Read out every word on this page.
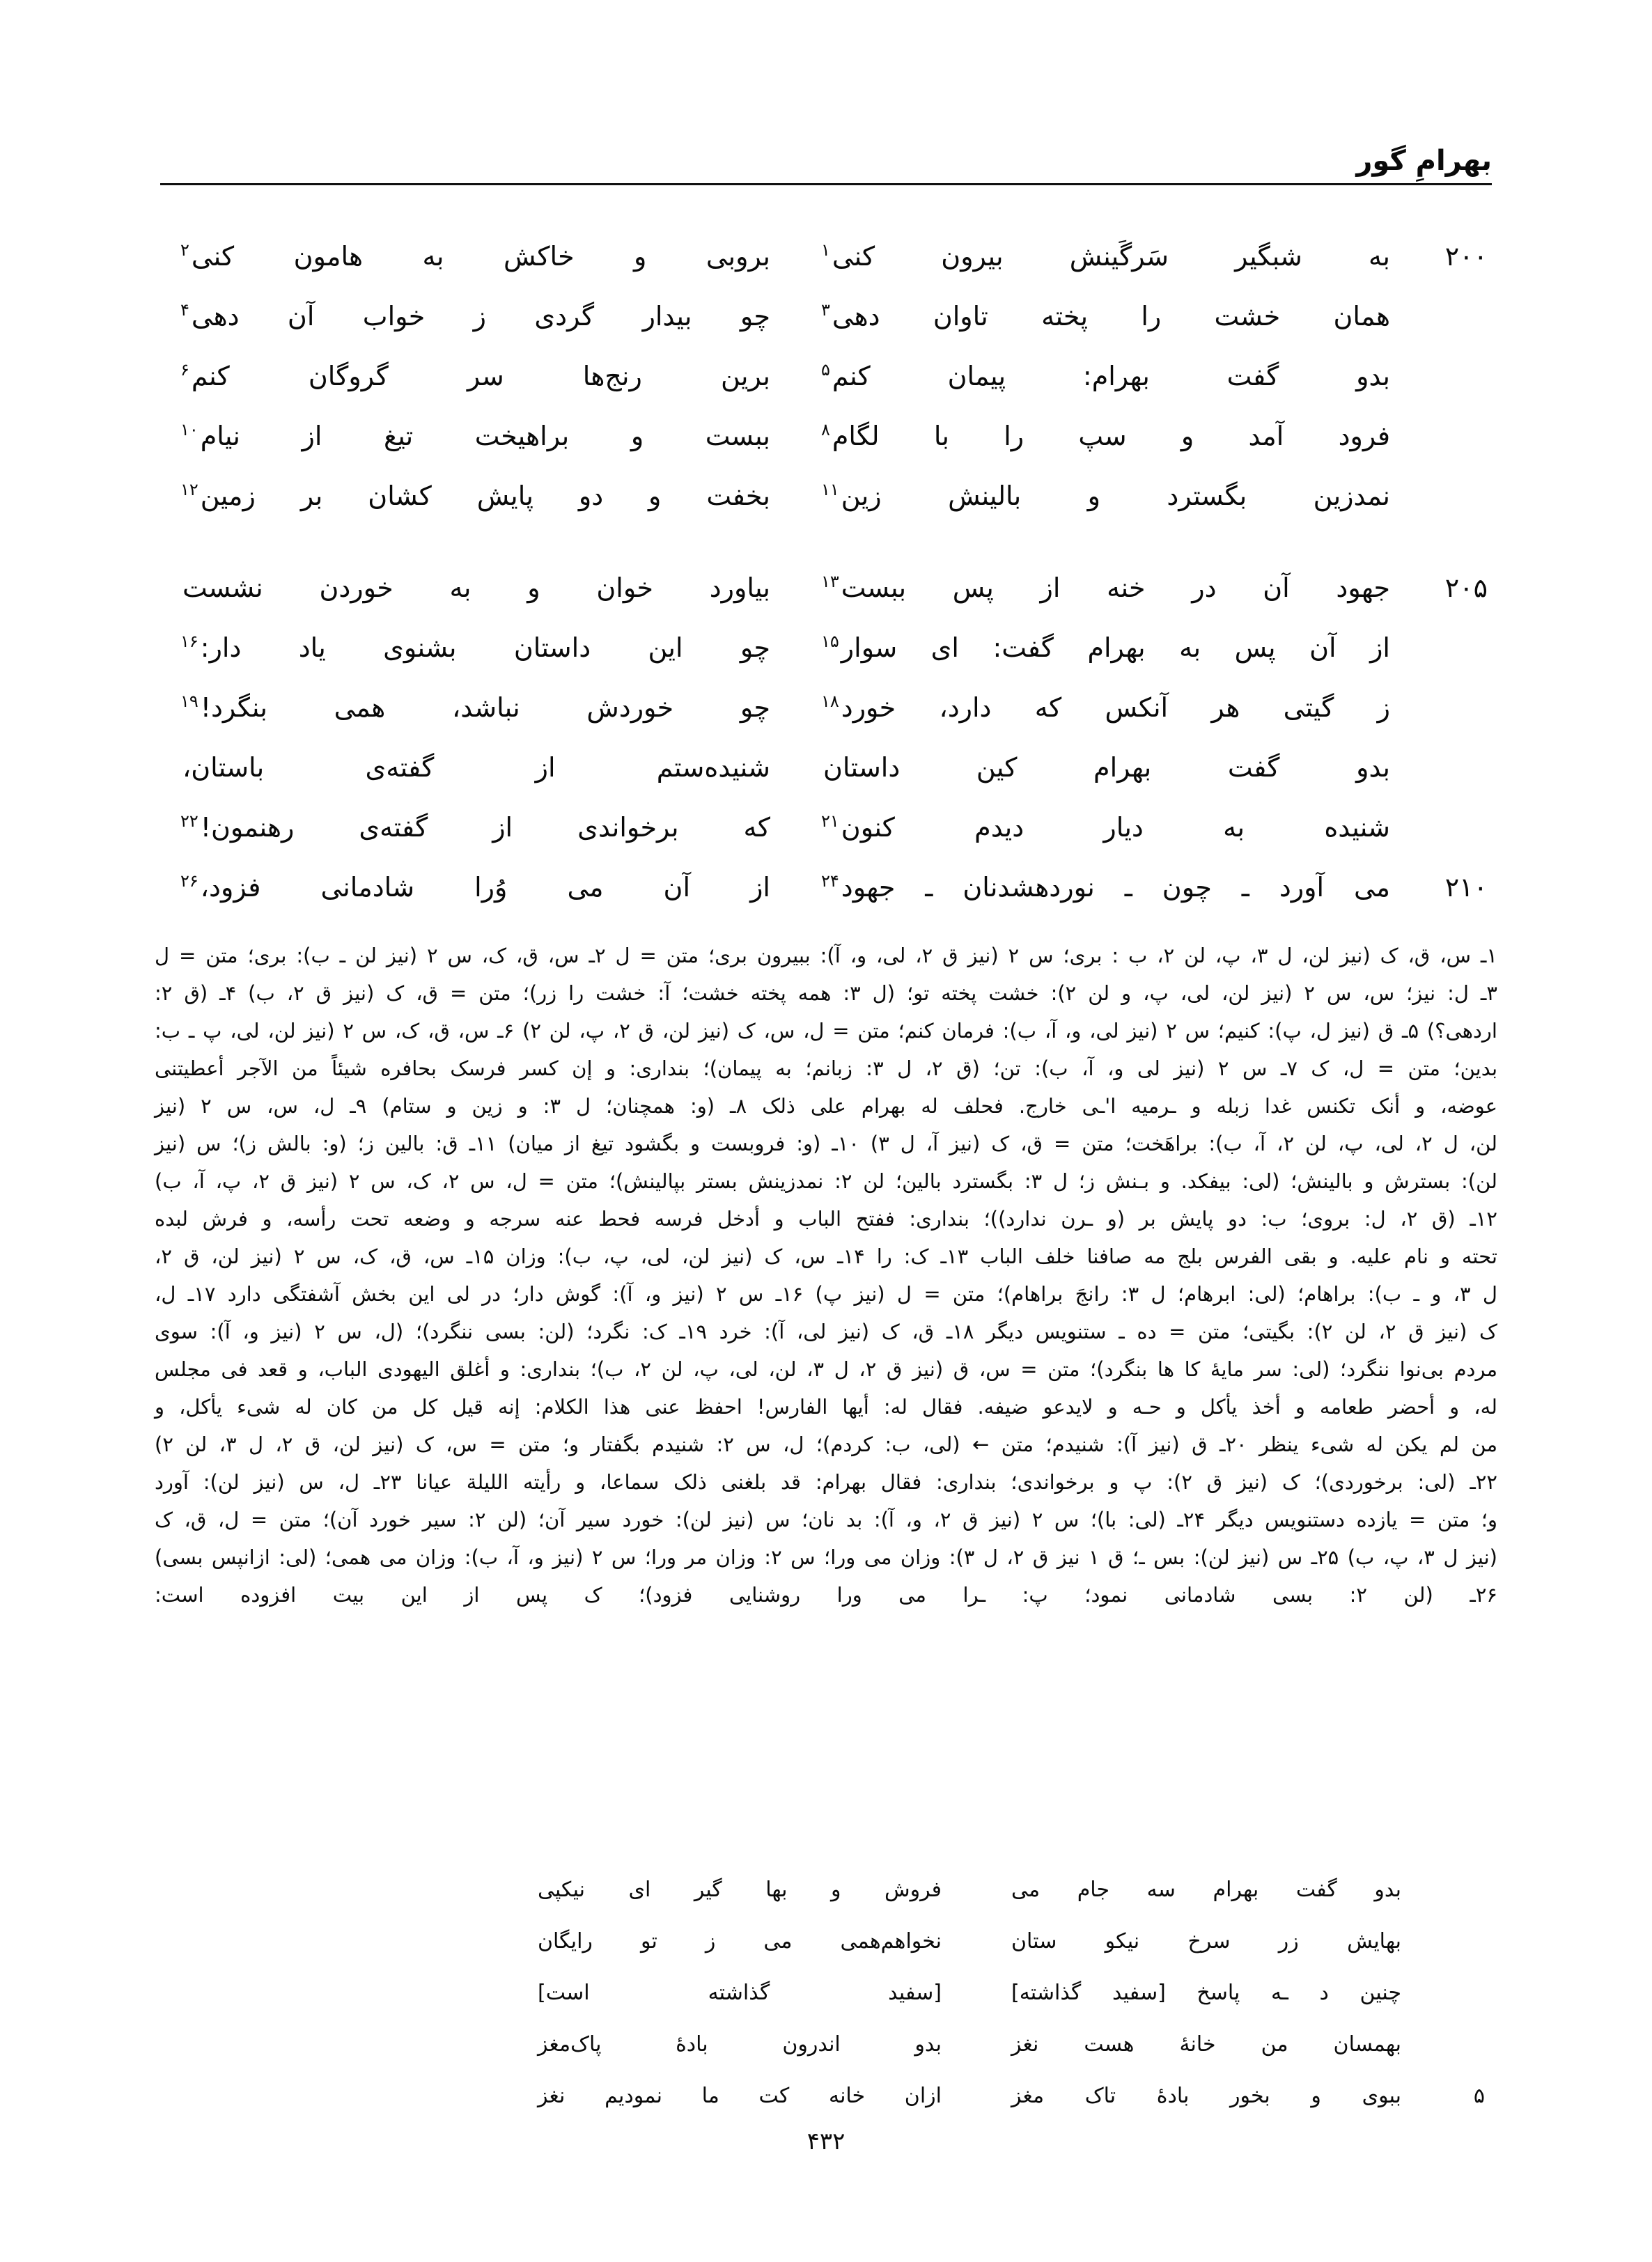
بهرامِ گور
۲۰۰
به شبگیر سَرگَینش بیرون کنی$^۱$
بروبی و خاکش به هامون کنی$^۲$
همان خشت را پخته تاوان دهی$^۳$
چو بیدار گردی ز خواب آن دهی$^۴$
بدو گفت بهرام: پیمان کنم$^۵$
برین رنج‌ها سر گروگان کنم$^۶$
فرود آمد و سپ را با لگام$^۸$
ببست و براهیخت تیغ از نیام$^{۱۰}$
نمدزین بگسترد و بالینش زین$^{۱۱}$
بخفت و دو پایش کشان بر زمین$^{۱۲}$
۲۰۵
جهود آن در خنه از پس ببست$^{۱۳}$
بیاورد خوان و به خوردن نشست
از آن پس به بهرام گفت: ای سوار$^{۱۵}$
چو این داستان بشنوی یاد دار:$^{۱۶}$
ز گیتی هر آنکس که دارد، خورد$^{۱۸}$
چو خوردش نباشد، همی بنگرد!$^{۱۹}$
بدو گفت بهرام کین داستان
شنیده‌ستم از گفته‌ی باستان،
شنیده به دیار دیدم کنون$^{۲۱}$
که برخواندی از گفته‌ی رهنمون!$^{۲۲}$
۲۱۰
می آورد ـ چون ـ نوردهشدنان ـ جهود$^{۲۴}$
از آن می وُرا شادمانی فزود،$^{۲۶}$

۱ـ س، ق، ک (نیز لن، ل ۳، پ، لن ۲، ب : بری؛ س ۲ (نیز ق ۲، لی، و، آ): ببیرون بری؛ متن = ل ۲ـ س، ق، ک، س ۲ (نیز لن ـ ب): بری؛ متن = ل

۳ـ ل: نیز؛ س، س ۲ (نیز لن، لی، پ، و لن ۲): خشت پخته تو؛ (ل ۳: همه پخته خشت؛ آ: خشت را زر)؛ متن = ق، ک (نیز ق ۲، ب) ۴ـ (ق ۲:

اردهی؟) ۵ـ ق (نیز ل، پ): کنیم؛ س ۲ (نیز لی، و، آ، ب): فرمان کنم؛ متن = ل، س، ک (نیز لن، ق ۲، پ، لن ۲) ۶ـ س، ق، ک، س ۲ (نیز لن، لی، پ ـ ب:

بدین؛ متن = ل، ک ۷ـ س ۲ (نیز لی و، آ، ب): تن؛ (ق ۲، ل ۳: زبانم؛ به پیمان)؛ بنداری: و إن کسر فرسک بحافره شیئاً من الآجر أعطیتنی

عوضه، و أنک تکنس غدا زبله و ـرمیه ا'ـی خارج. فحلف له بهرام علی ذلک ۸ـ (و: همچنان؛ ل ۳: و زین و ستام) ۹ـ ل، س، س ۲ (نیز

لن، ل ۲، لی، پ، لن ۲، آ، ب): براهَخت؛ متن = ق، ک (نیز آ، ل ۳) ۱۰ـ (و: فروبست و بگشود تیغ از میان) ۱۱ـ ق: بالین ز؛ (و: بالش ز)؛ س (نیز

لن): بسترش و بالینش؛ (لی: بیفکد. و بـنش ز؛ ل ۳: بگسترد بالین؛ لن ۲: نمدزینش بستر بپالینش)؛ متن = ل، س ۲، ک، س ۲ (نیز ق ۲، پ، آ، ب)

۱۲ـ (ق ۲، ل: بروی؛ ب: دو پایش بر (و ـرن ندارد))؛ بنداری: ففتح الباب و أدخل فرسه فحط عنه سرجه و وضعه تحت رأسه، و فرش لبده

تحته و نام علیه. و بقی الفرس بلج مه صافنا خلف الباب ۱۳ـ ک: را ۱۴ـ س، ک (نیز لن، لی، پ، ب): وزان ۱۵ـ س، ق، ک، س ۲ (نیز لن، ق ۲،

ل ۳، و ـ ب): براهام؛ (لی: ابرهام؛ ل ۳: رانجَ براهام)؛ متن = ل (نیز پ) ۱۶ـ س ۲ (نیز و، آ): گوش دار؛ در لی این بخش آشفتگی دارد ۱۷ـ ل،

ک (نیز ق ۲، لن ۲): بگیتی؛ متن = ده ـ ستنویس دیگر ۱۸ـ ق، ک (نیز لی، آ): خرد ۱۹ـ ک: نگرد؛ (لن: بسی ننگرد)؛ (ل، س ۲ (نیز و، آ): سوی

مردم بی‌نوا ننگرد؛ (لی: سر مایهٔ کا ها بنگرد)؛ متن = س، ق (نیز ق ۲، ل ۳، لن، لی، پ، لن ۲، ب)؛ بنداری: و أغلق الیهودی الباب، و قعد فی مجلس

له، و أحضر طعامه و أخذ یأکل و حـه و لایدعو ضیفه. فقال له: أیها الفارس! احفظ عنی هذا الکلام: إنه قیل کل من کان له شیء یأکل، و

من لم یکن له شیء ینظر ۲۰ـ ق (نیز آ): شنیدم؛ متن ← (لی، ب: کردم)؛ ل، س ۲: شنیدم بگفتار و؛ متن = س، ک (نیز لن، ق ۲، ل ۳، لن ۲)

۲۲ـ (لی: برخوردی)؛ ک (نیز ق ۲): پ و برخواندی؛ بنداری: فقال بهرام: قد بلغنی ذلک سماعا، و رأیته اللیلة عیانا ۲۳ـ ل، س (نیز لن): آورد

و؛ متن = یازده دستنویس دیگر ۲۴ـ (لی: با)؛ س ۲ (نیز ق ۲، و، آ): بد نان؛ س (نیز لن): خورد سیر آن؛ (لن ۲: سیر خورد آن)؛ متن = ل، ق، ک

(نیز ل ۳، پ، ب) ۲۵ـ س (نیز لن): بس ـ؛ ق ۱ نیز ق ۲، ل ۳): وزان می ورا؛ س ۲: وزان مر ورا؛ س ۲ (نیز و، آ، ب): وزان می همی؛ (لی: ازانپس بسی)

۲۶ـ (لن ۲: بسی شادمانی نمود؛ پ: ـرا می ورا روشنایی فزود)؛ ک پس از این بیت افزوده است:

بدو گفت بهرام سه جام می
فروش و بها گیر ای نیکپی
بهایش زر سرخ نیکو ستان
نخواهم‌همی می ز تو رایگان
چنین د ـه پاسخ [سفید گذاشته]
[سفید گذاشته است]
بهمسان من خانهٔ هست نغز
بدو اندرون بادهٔ پاک‌مغز
۵
ببوی و بخور بادهٔ تاک مغز
ازان خانه کت ما نمودیم نغز
۴۳۲
